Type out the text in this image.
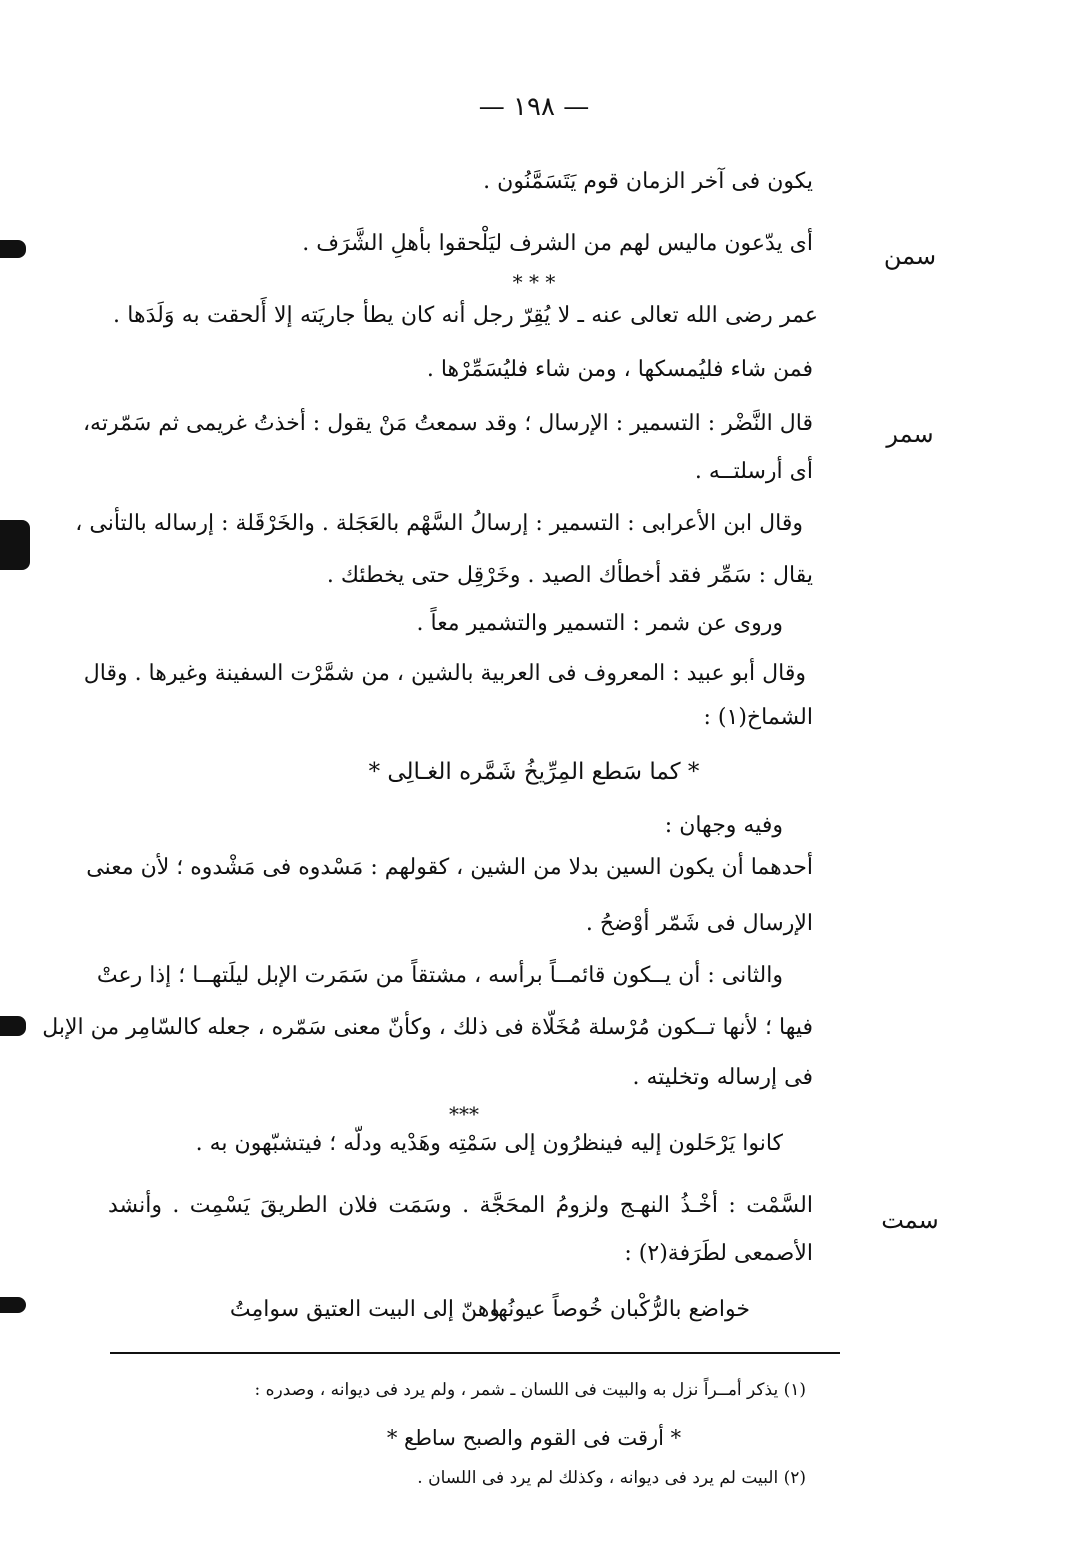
— ١٩٨ —
سمن
سمر
سمت
يكون فى آخر الزمان قوم يَتَسَمَّنُون .
أى يدّعون ماليس لهم من الشرف ليَلْحقوا بأهلِ الشَّرَف .
* * *
عمر رضى الله تعالى عنه ـ لا يُقِرّ رجل أنه كان يطأ جاريَته إلا أَلحقت به وَلَدَها .
فمن شاء فليُمسكها ، ومن شاء فليُسَمِّرْها .
قال النَّضْر : التسمير : الإرسال ؛ وقد سمعتُ مَنْ يقول : أخذتُ غريمى ثم سَمّرته،
أى أرسلتــه .
وقال ابن الأعرابى : التسمير : إرسالُ السَّهْم بالعَجَلة . والخَرْقَلة : إرساله بالتأنى ،
يقال : سَمِّر فقد أخطأك الصيد . وخَرْقِل حتى يخطئك .
وروى عن شمر : التسمير والتشمير معاً .
وقال أبو عبيد : المعروف فى العربية بالشين ، من شمَّرْت السفينة وغيرها . وقال
الشماخ(١) :
* كما سَطع المِرِّيخُ شَمَّره الغـالِى *
وفيه وجهان :
أحدهما أن يكون السين بدلا من الشين ، كقولهم : مَسْدوه فى مَشْدوه ؛ لأن معنى
الإرسال فى شَمّر أوْضحُ .
والثانى : أن يــكون قائمــاً برأسه ، مشتقاً من سَمَرت الإبل ليلَتهــا ؛ إذا رعتْ
فيها ؛ لأنها تــكون مُرْسلة مُخَلّاة فى ذلك ، وكأنّ معنى سَمّره ، جعله كالسّامِر من الإبل
فى إرساله وتخليته .
***
كانوا يَرْحَلون إليه فينظرُون إلى سَمْتِه وهَدْيه ودلّه ؛ فيتشبّهون به .
السَّمْت : أخْـذُ النهـج ولزومُ المحَجَّة . وسَمَت فلان الطريقَ يَسْمِت . وأنشد
الأصمعى لطَرَفة(٢) :
خواضع بالرُّكْبان خُوصاً عيونُها
وهنّ إلى البيت العتيق سوامِتُ
(١) يذكر أمــراً نزل به والبيت فى اللسان ـ شمر ، ولم يرد فى ديوانه ، وصدره :
* أرقت فى القوم والصبح ساطع *
(٢) البيت لم يرد فى ديوانه ، وكذلك لم يرد فى اللسان .
